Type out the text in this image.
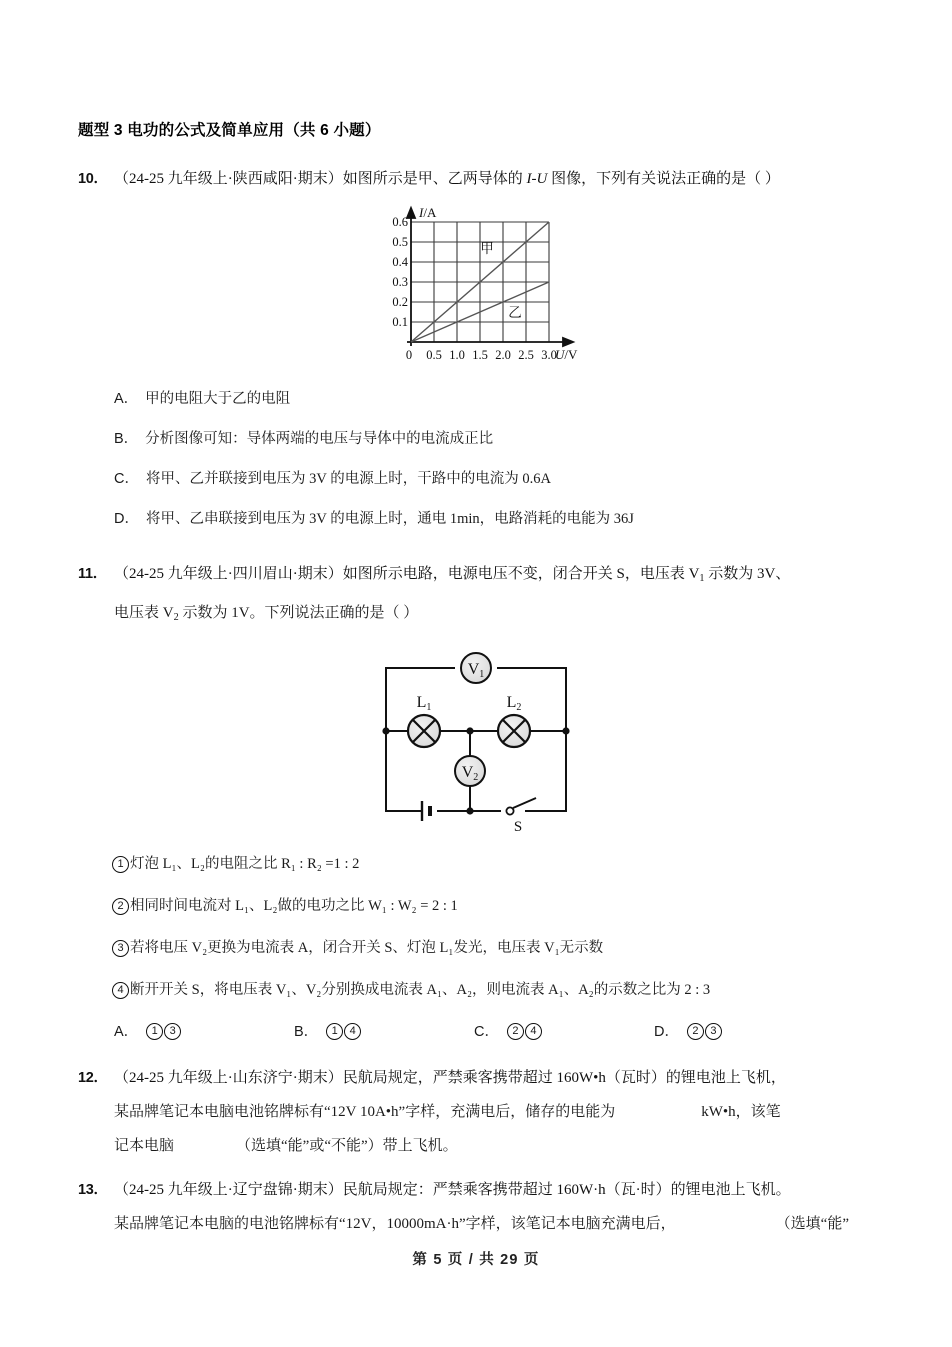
题型 3 电功的公式及简单应用（共 6 小题）
10． （24-25 九年级上·陕西咸阳·期末）如图所示是甲、乙两导体的 I-U 图像，下列有关说法正确的是（ ）
I/A
U/V
0.6
0.5
0.4
0.3
0.2
0.1
0 0.5 1.0 1.5 2.0 2.5 3.0
甲
乙
A． 甲的电阻大于乙的电阻
B． 分析图像可知：导体两端的电压与导体中的电流成正比
C． 将甲、乙并联接到电压为 3V 的电源上时，干路中的电流为 0.6A
D． 将甲、乙串联接到电压为 3V 的电源上时，通电 1min，电路消耗的电能为 36J
11． （24-25 九年级上·四川眉山·期末）如图所示电路，电源电压不变，闭合开关 S，电压表 $V_1$ 示数为 3V、
电压表 $V_2$ 示数为 1V。下列说法正确的是（ ）
S
V1
V2
L1	L2
1 灯泡 L₁、L₂的电阻之比 R₁ : R₂ =1 : 2
2 相同时间电流对 L₁、L₂做的电功之比 W₁ : W₂ = 2 : 1
3 若将电压 V₂更换为电流表 A，闭合开关 S、灯泡 L₁发光，电压表 V₁无示数
4 断开开关 S，将电压表 V₁、V₂分别换成电流表 A₁、A₂，则电流表 A₁、A₂的示数之比为 2 : 3
A．	1	3	B．	1	4	C．	2	4	D．	2	3
12． （24-25 九年级上·山东济宁·期末）民航局规定，严禁乘客携带超过 160W•h（瓦时）的锂电池上飞机，
某品牌笔记本电脑电池铭牌标有“12V 10A•h”字样，充满电后，储存的电能为	kW•h，该笔
记本电脑	（选填“能”或“不能”）带上飞机。
13． （24-25 九年级上·辽宁盘锦·期末）民航局规定：严禁乘客携带超过 160W·h（瓦·时）的锂电池上飞机。
某品牌笔记本电脑的电池铭牌标有“12V，10000mA·h”字样，该笔记本电脑充满电后，	（选填“能”
第 5 页 / 共 29 页
